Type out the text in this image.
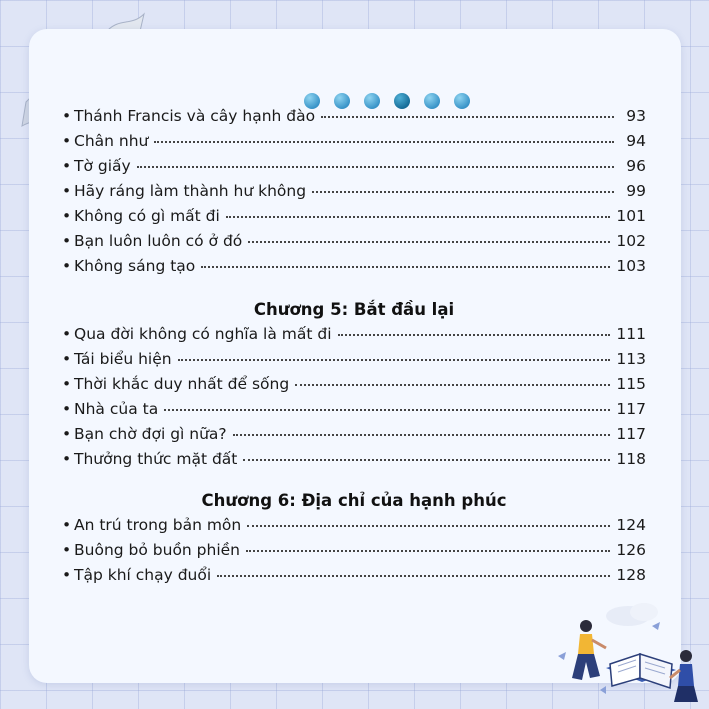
• Thánh Francis và cây hạnh đào	93
• Chân như	94
• Tờ giấy	96
• Hãy ráng làm thành hư không	99
• Không có gì mất đi	101
• Bạn luôn luôn có ở đó	102
• Không sáng tạo	103
Chương 5: Bắt đầu lại
• Qua đời không có nghĩa là mất đi	111
• Tái biểu hiện	113
• Thời khắc duy nhất để sống	115
• Nhà của ta	117
• Bạn chờ đợi gì nữa?	117
• Thưởng thức mặt đất	118
Chương 6: Địa chỉ của hạnh phúc
• An trú trong bản môn	124
• Buông bỏ buồn phiền	126
• Tập khí chạy đuổi	128
